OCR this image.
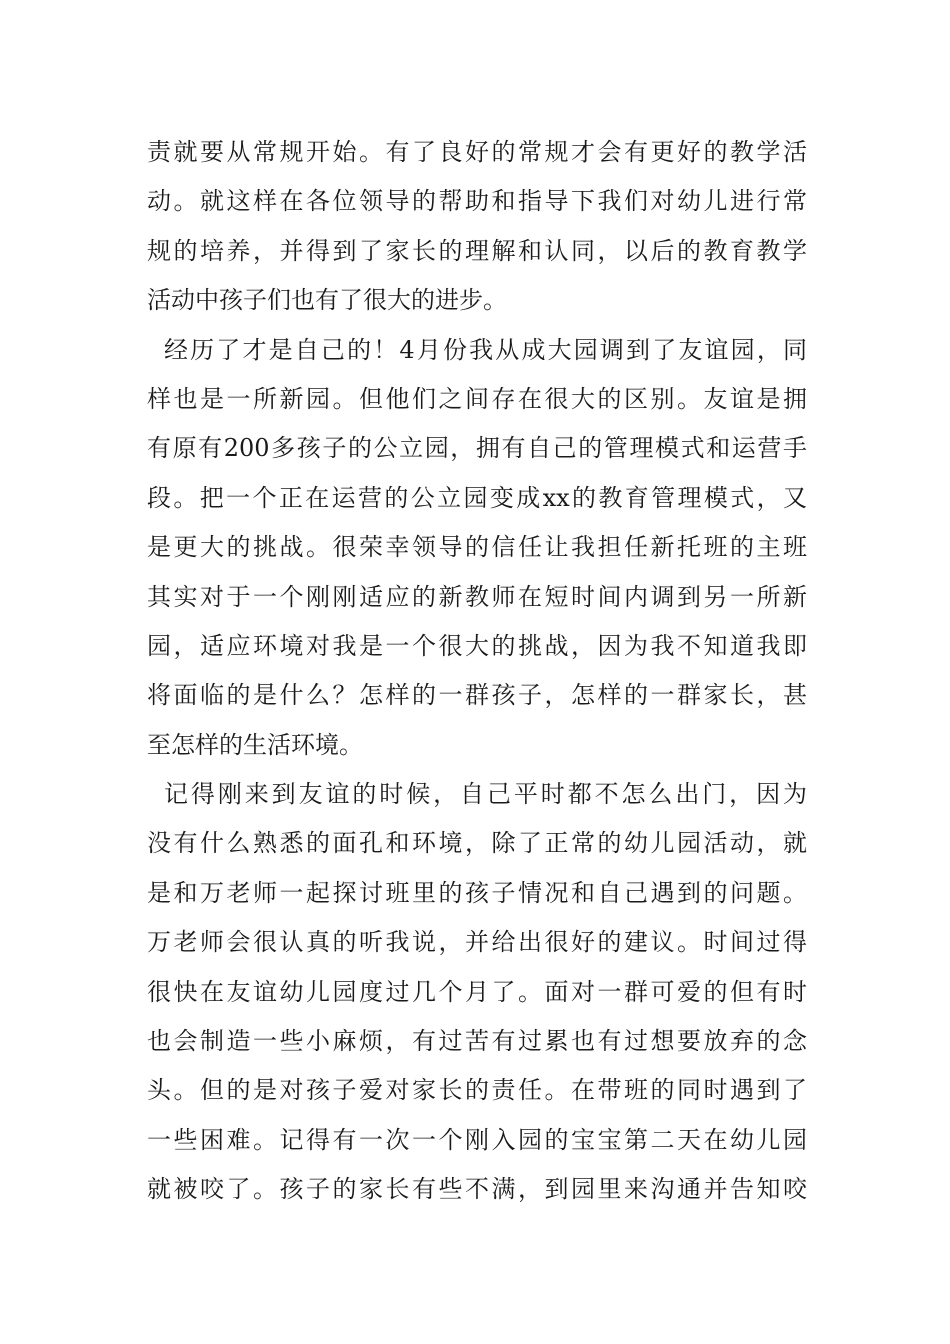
责就要从常规开始。有了良好的常规才会有更好的教学活
动。就这样在各位领导的帮助和指导下我们对幼儿进行常
规的培养，并得到了家长的理解和认同，以后的教育教学
活动中孩子们也有了很大的进步。
经历了才是自己的！4月份我从成大园调到了友谊园，同
样也是一所新园。但他们之间存在很大的区别。友谊是拥
有原有200多孩子的公立园，拥有自己的管理模式和运营手
段。把一个正在运营的公立园变成xx的教育管理模式，又
是更大的挑战。很荣幸领导的信任让我担任新托班的主班
其实对于一个刚刚适应的新教师在短时间内调到另一所新
园，适应环境对我是一个很大的挑战，因为我不知道我即
将面临的是什么？怎样的一群孩子，怎样的一群家长，甚
至怎样的生活环境。
记得刚来到友谊的时候，自己平时都不怎么出门，因为
没有什么熟悉的面孔和环境，除了正常的幼儿园活动，就
是和万老师一起探讨班里的孩子情况和自己遇到的问题。
万老师会很认真的听我说，并给出很好的建议。时间过得
很快在友谊幼儿园度过几个月了。面对一群可爱的但有时
也会制造一些小麻烦，有过苦有过累也有过想要放弃的念
头。但的是对孩子爱对家长的责任。在带班的同时遇到了
一些困难。记得有一次一个刚入园的宝宝第二天在幼儿园
就被咬了。孩子的家长有些不满，到园里来沟通并告知咬
